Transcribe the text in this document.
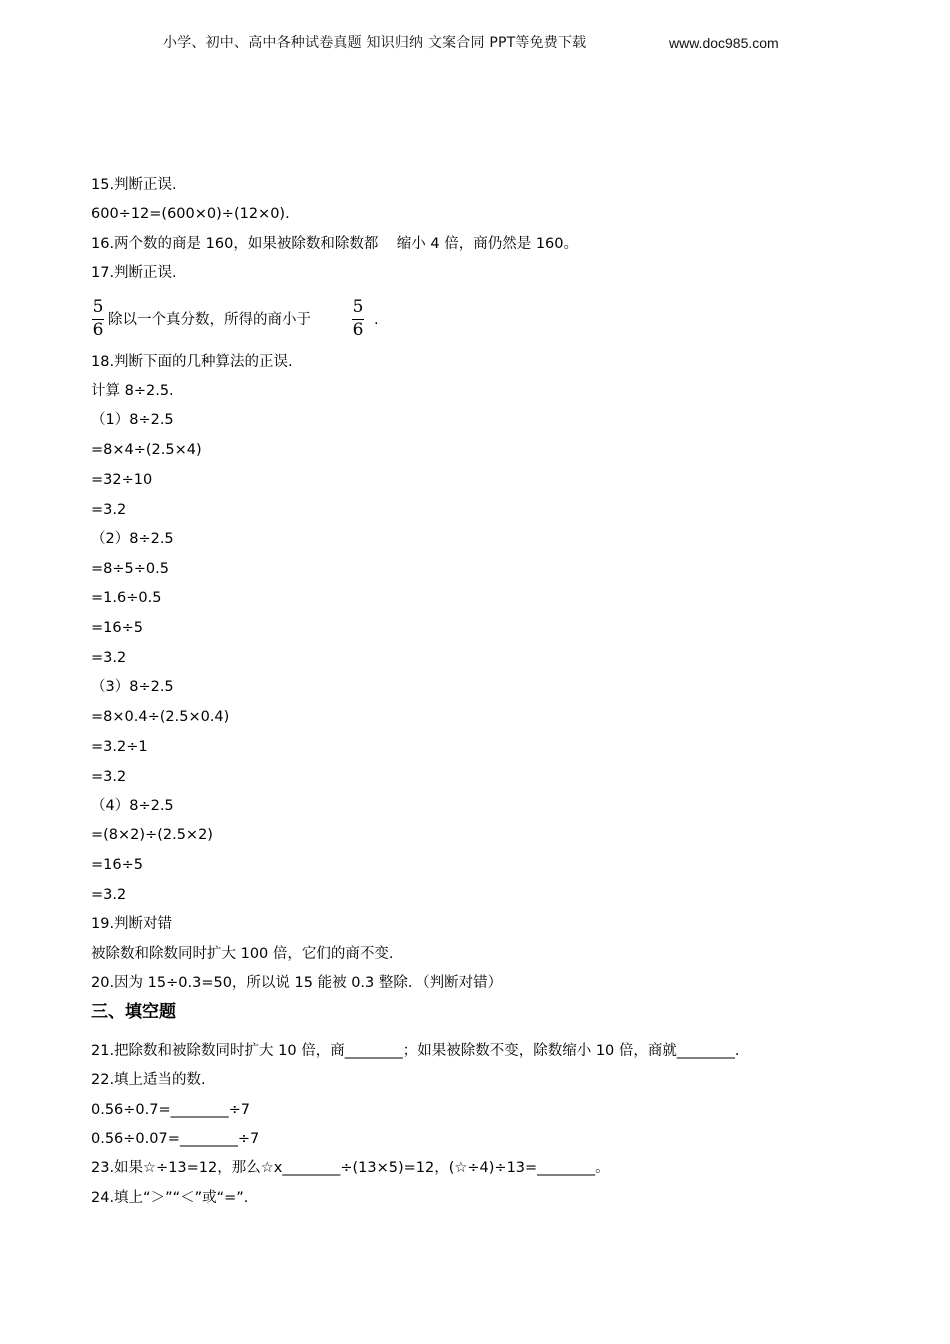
小学、初中、高中各种试卷真题 知识归纳 文案合同 PPT等免费下载	www.doc985.com
15.判断正误.
600÷12=(600×0)÷(12×0).
16.两个数的商是 160，如果被除数和除数都    缩小 4 倍，商仍然是 160。
17.判断正误.
5
6 除以一个真分数，所得的商小于
5
6 .
18.判断下面的几种算法的正误.
计算 8÷2.5.
（1）8÷2.5
=8×4÷(2.5×4)
=32÷10
=3.2
（2）8÷2.5
=8÷5÷0.5
=1.6÷0.5
=16÷5
=3.2
（3）8÷2.5
=8×0.4÷(2.5×0.4)
=3.2÷1
=3.2
（4）8÷2.5
=(8×2)÷(2.5×2)
=16÷5
=3.2
19.判断对错
被除数和除数同时扩大 100 倍，它们的商不变.
20.因为 15÷0.3=50，所以说 15 能被 0.3 整除．（判断对错）
三、填空题
21.把除数和被除数同时扩大 10 倍，商________；如果被除数不变，除数缩小 10 倍，商就________.
22.填上适当的数.
0.56÷0.7=________÷7
0.56÷0.07=________÷7
23.如果☆÷13=12，那么☆x________÷(13×5)=12，(☆÷4)÷13=________。
24.填上“＞”“＜”或“=”.
